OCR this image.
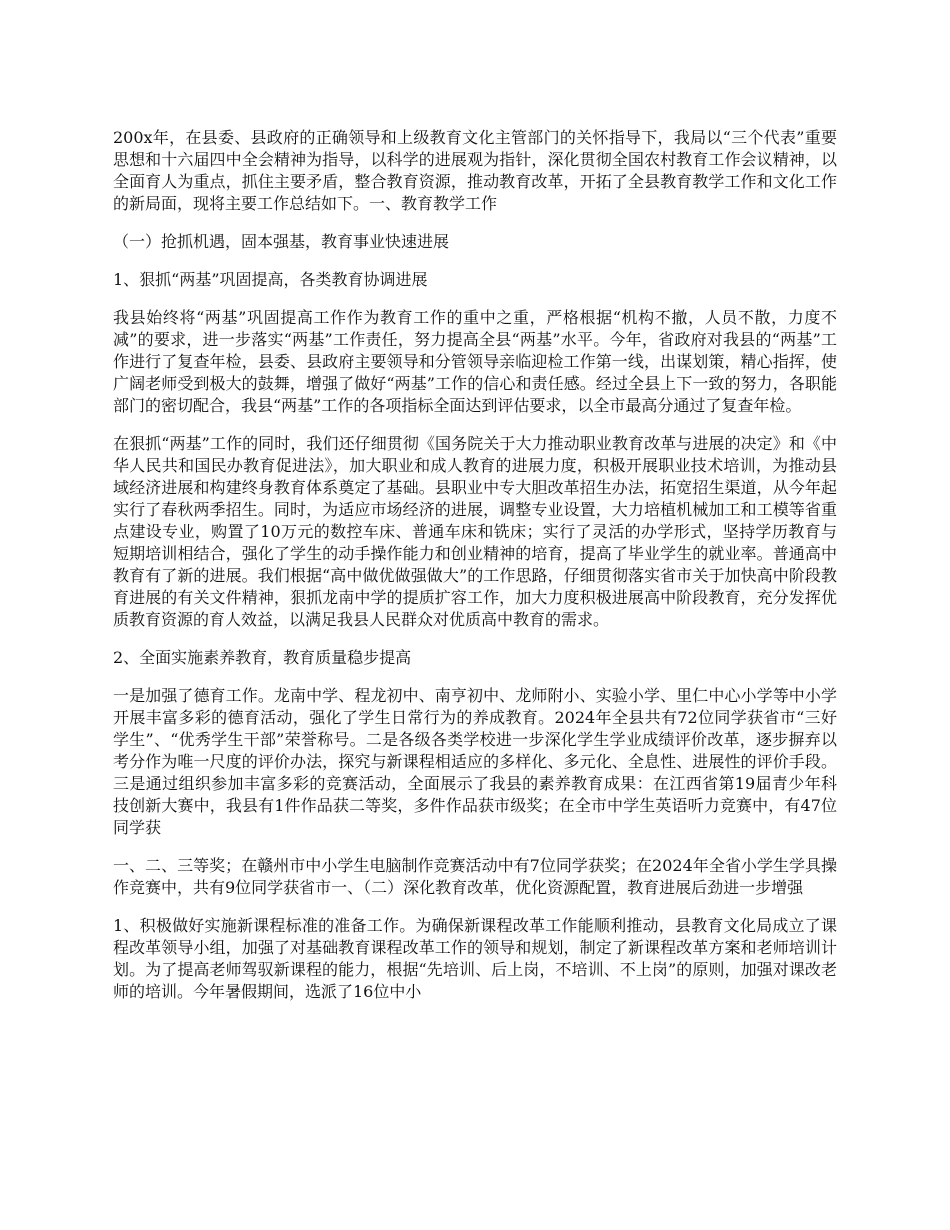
200x年，在县委、县政府的正确领导和上级教育文化主管部门的关怀指导下，我局以“三个代表”重要思想和十六届四中全会精神为指导，以科学的进展观为指针，深化贯彻全国农村教育工作会议精神，以全面育人为重点，抓住主要矛盾，整合教育资源，推动教育改革，开拓了全县教育教学工作和文化工作的新局面，现将主要工作总结如下。一、教育教学工作

（一）抢抓机遇，固本强基，教育事业快速进展

1、狠抓“两基”巩固提高，各类教育协调进展

我县始终将“两基”巩固提高工作作为教育工作的重中之重，严格根据“机构不撤，人员不散，力度不减”的要求，进一步落实“两基”工作责任，努力提高全县“两基”水平。今年，省政府对我县的“两基”工作进行了复查年检，县委、县政府主要领导和分管领导亲临迎检工作第一线，出谋划策，精心指挥，使广阔老师受到极大的鼓舞，增强了做好“两基”工作的信心和责任感。经过全县上下一致的努力，各职能部门的密切配合，我县“两基”工作的各项指标全面达到评估要求，以全市最高分通过了复查年检。

在狠抓“两基”工作的同时，我们还仔细贯彻《国务院关于大力推动职业教育改革与进展的决定》和《中华人民共和国民办教育促进法》，加大职业和成人教育的进展力度，积极开展职业技术培训，为推动县域经济进展和构建终身教育体系奠定了基础。县职业中专大胆改革招生办法，拓宽招生渠道，从今年起实行了春秋两季招生。同时，为适应市场经济的进展，调整专业设置，大力培植机械加工和工模等省重点建设专业，购置了10万元的数控车床、普通车床和铣床；实行了灵活的办学形式，坚持学历教育与短期培训相结合，强化了学生的动手操作能力和创业精神的培育，提高了毕业学生的就业率。普通高中教育有了新的进展。我们根据“高中做优做强做大”的工作思路，仔细贯彻落实省市关于加快高中阶段教育进展的有关文件精神，狠抓龙南中学的提质扩容工作，加大力度积极进展高中阶段教育，充分发挥优质教育资源的育人效益，以满足我县人民群众对优质高中教育的需求。

2、全面实施素养教育，教育质量稳步提高

一是加强了德育工作。龙南中学、程龙初中、南亨初中、龙师附小、实验小学、里仁中心小学等中小学开展丰富多彩的德育活动，强化了学生日常行为的养成教育。2024年全县共有72位同学获省市“三好学生”、“优秀学生干部”荣誉称号。二是各级各类学校进一步深化学生学业成绩评价改革，逐步摒弃以考分作为唯一尺度的评价办法，探究与新课程相适应的多样化、多元化、全息性、进展性的评价手段。三是通过组织参加丰富多彩的竞赛活动，全面展示了我县的素养教育成果：在江西省第19届青少年科技创新大赛中，我县有1件作品获二等奖，多件作品获市级奖；在全市中学生英语听力竞赛中，有47位同学获

一、二、三等奖；在赣州市中小学生电脑制作竞赛活动中有7位同学获奖；在2024年全省小学生学具操作竞赛中，共有9位同学获省市一、（二）深化教育改革，优化资源配置，教育进展后劲进一步增强

1、积极做好实施新课程标准的准备工作。为确保新课程改革工作能顺利推动，县教育文化局成立了课程改革领导小组，加强了对基础教育课程改革工作的领导和规划，制定了新课程改革方案和老师培训计划。为了提高老师驾驭新课程的能力，根据“先培训、后上岗，不培训、不上岗”的原则，加强对课改老师的培训。今年暑假期间，选派了16位中小
